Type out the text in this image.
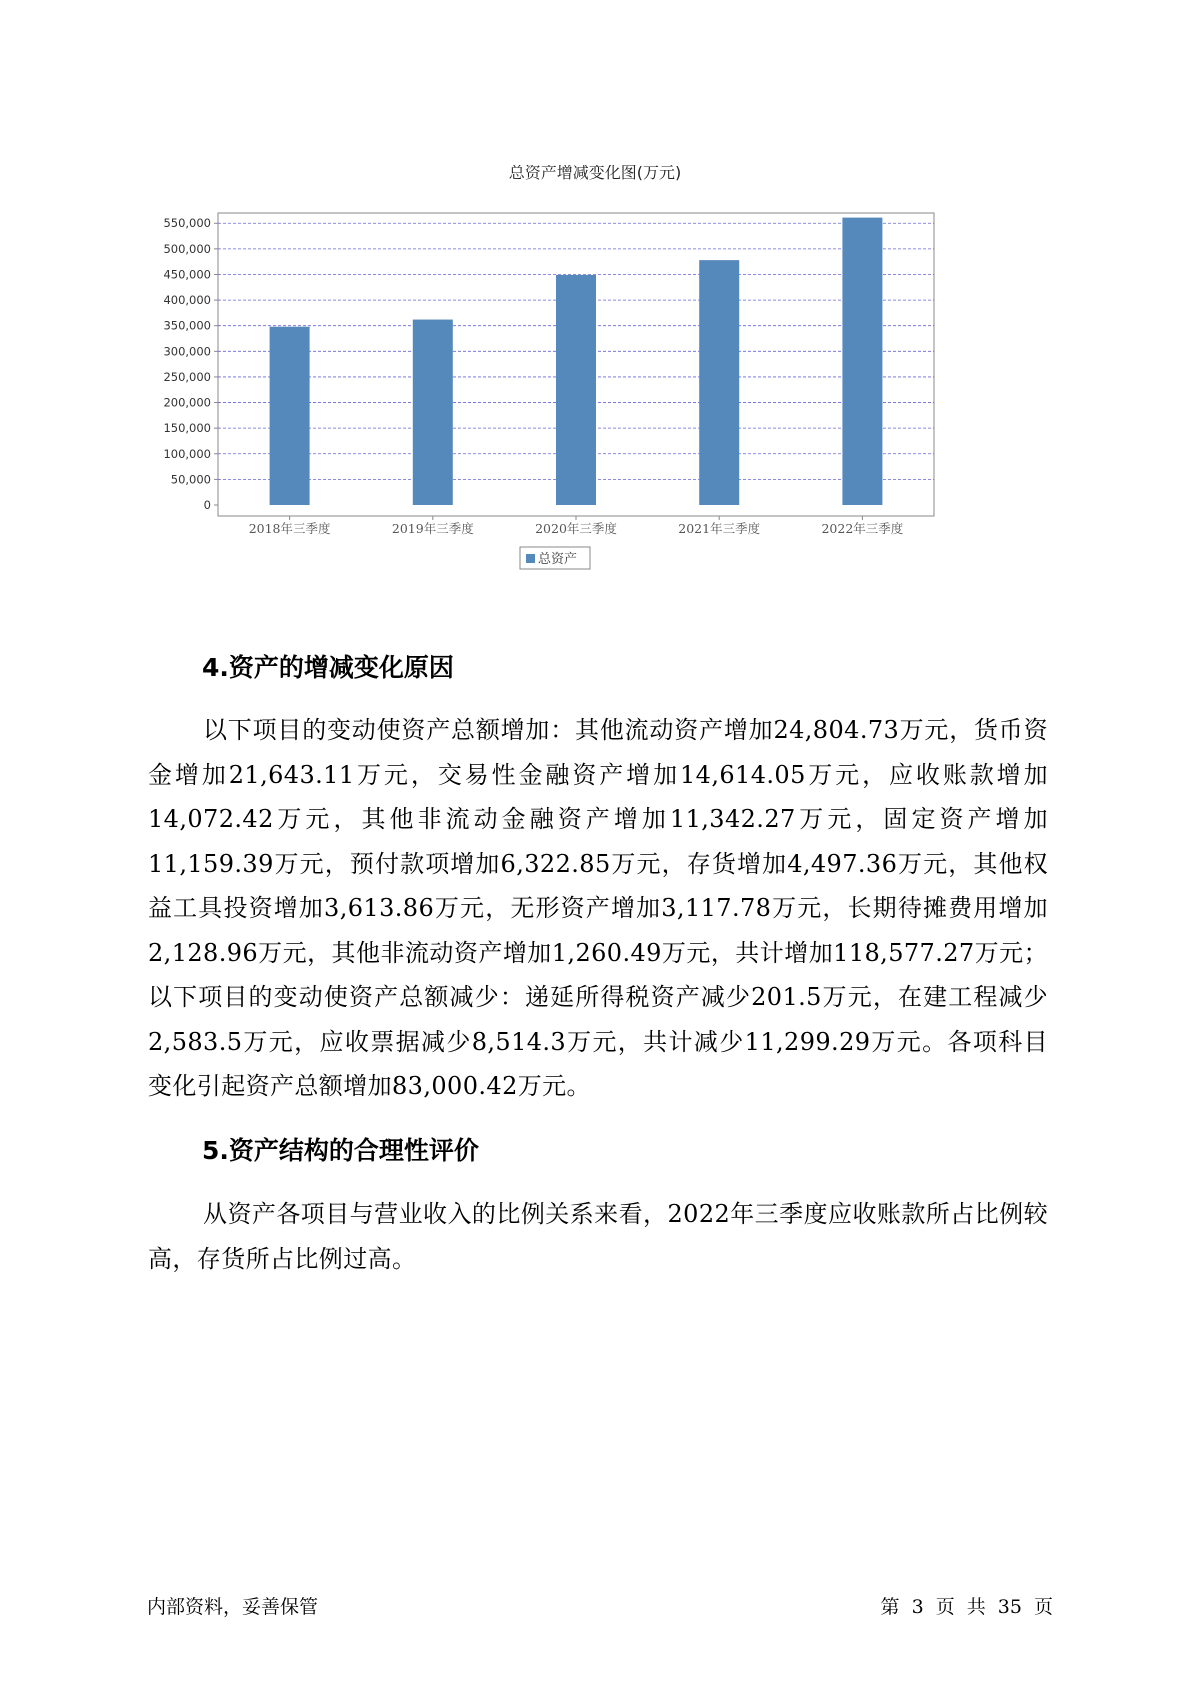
总资产增减变化图(万元)
0
50,000
100,000
150,000
200,000
250,000
300,000
350,000
400,000
450,000
500,000
550,000
2018年三季度	2019年三季度	2020年三季度	2021年三季度	2022年三季度
总资产
4.资产的增减变化原因

以下项目的变动使资产总额增加：其他流动资产增加24,804.73万元，货币资金增加21,643.11万元，交易性金融资产增加14,614.05万元，应收账款增加14,072.42万元，其他非流动金融资产增加11,342.27万元，固定资产增加11,159.39万元，预付款项增加6,322.85万元，存货增加4,497.36万元，其他权益工具投资增加3,613.86万元，无形资产增加3,117.78万元，长期待摊费用增加2,128.96万元，其他非流动资产增加1,260.49万元，共计增加118,577.27万元；以下项目的变动使资产总额减少：递延所得税资产减少201.5万元，在建工程减少2,583.5万元，应收票据减少8,514.3万元，共计减少11,299.29万元。各项科目变化引起资产总额增加83,000.42万元。

5.资产结构的合理性评价

从资产各项目与营业收入的比例关系来看，2022年三季度应收账款所占比例较高，存货所占比例过高。

内部资料，妥善保管	第 3 页 共 35 页
